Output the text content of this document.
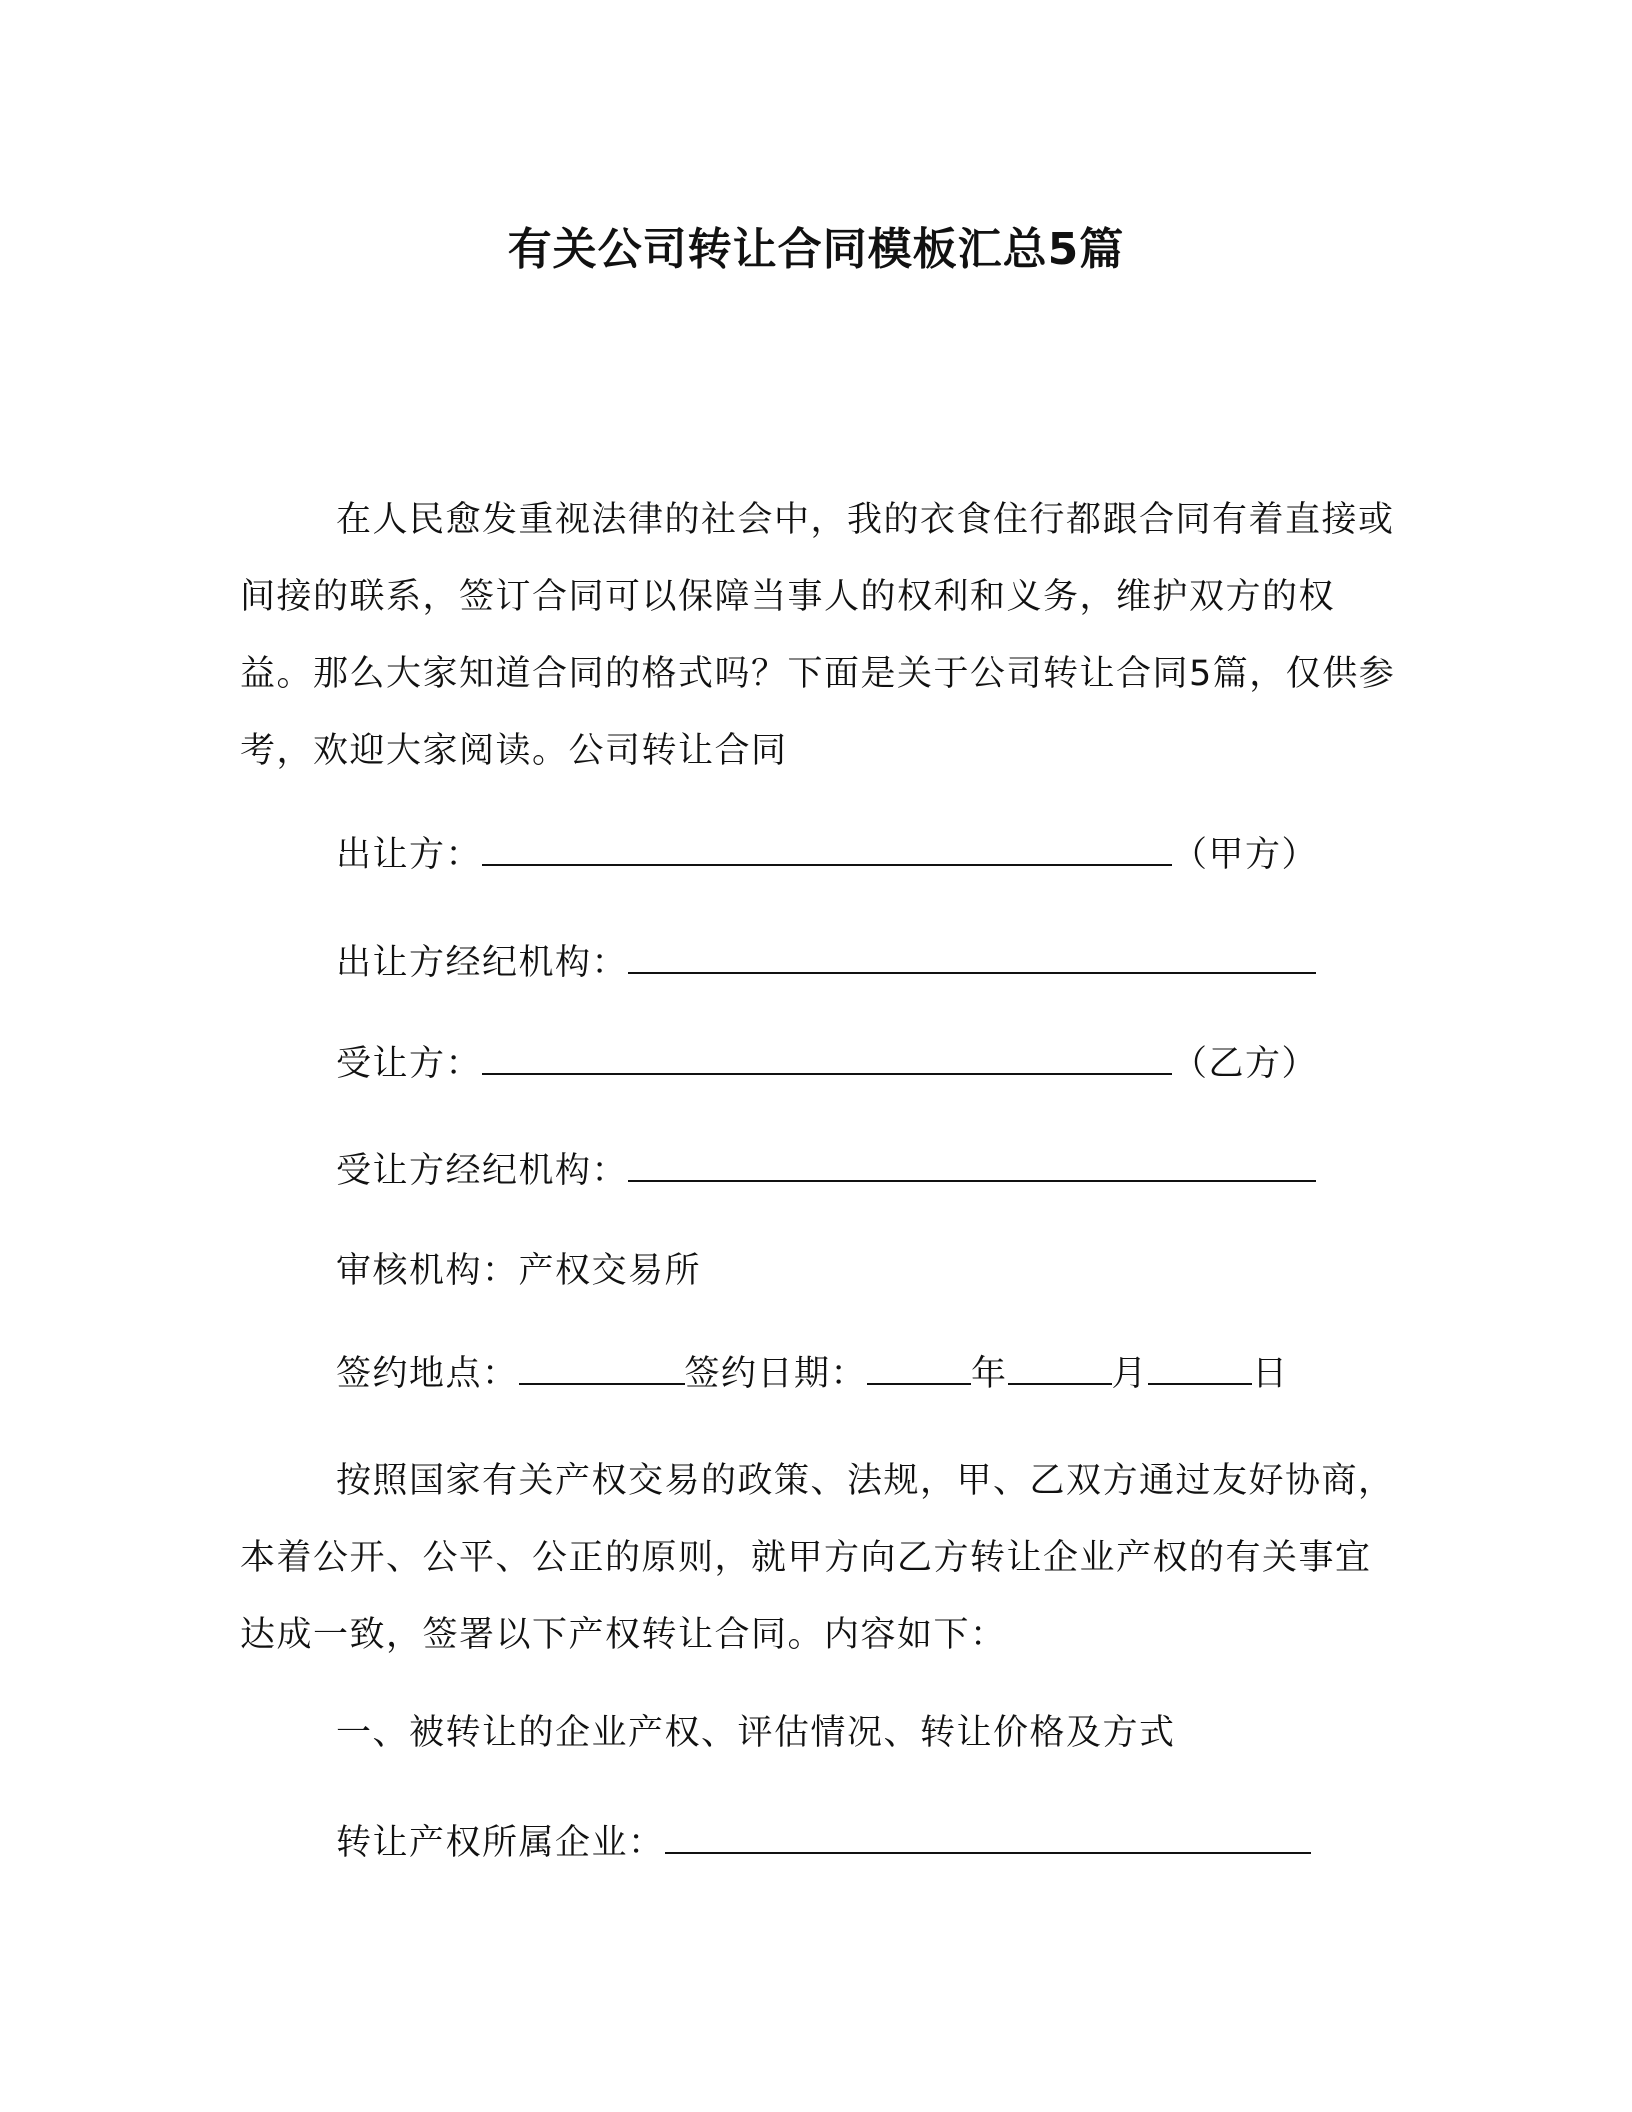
有关公司转让合同模板汇总5篇

在人民愈发重视法律的社会中，我的衣食住行都跟合同有着直接或间接的联系，签订合同可以保障当事人的权利和义务，维护双方的权益。那么大家知道合同的格式吗？下面是关于公司转让合同5篇，仅供参考，欢迎大家阅读。公司转让合同

出让方：	（甲方）
出让方经纪机构：
受让方：	（乙方）
受让方经纪机构：
审核机构：产权交易所
签约地点：	签约日期：	年	月	日

按照国家有关产权交易的政策、法规，甲、乙双方通过友好协商，本着公开、公平、公正的原则，就甲方向乙方转让企业产权的有关事宜达成一致，签署以下产权转让合同。内容如下：

一、被转让的企业产权、评估情况、转让价格及方式
转让产权所属企业：
